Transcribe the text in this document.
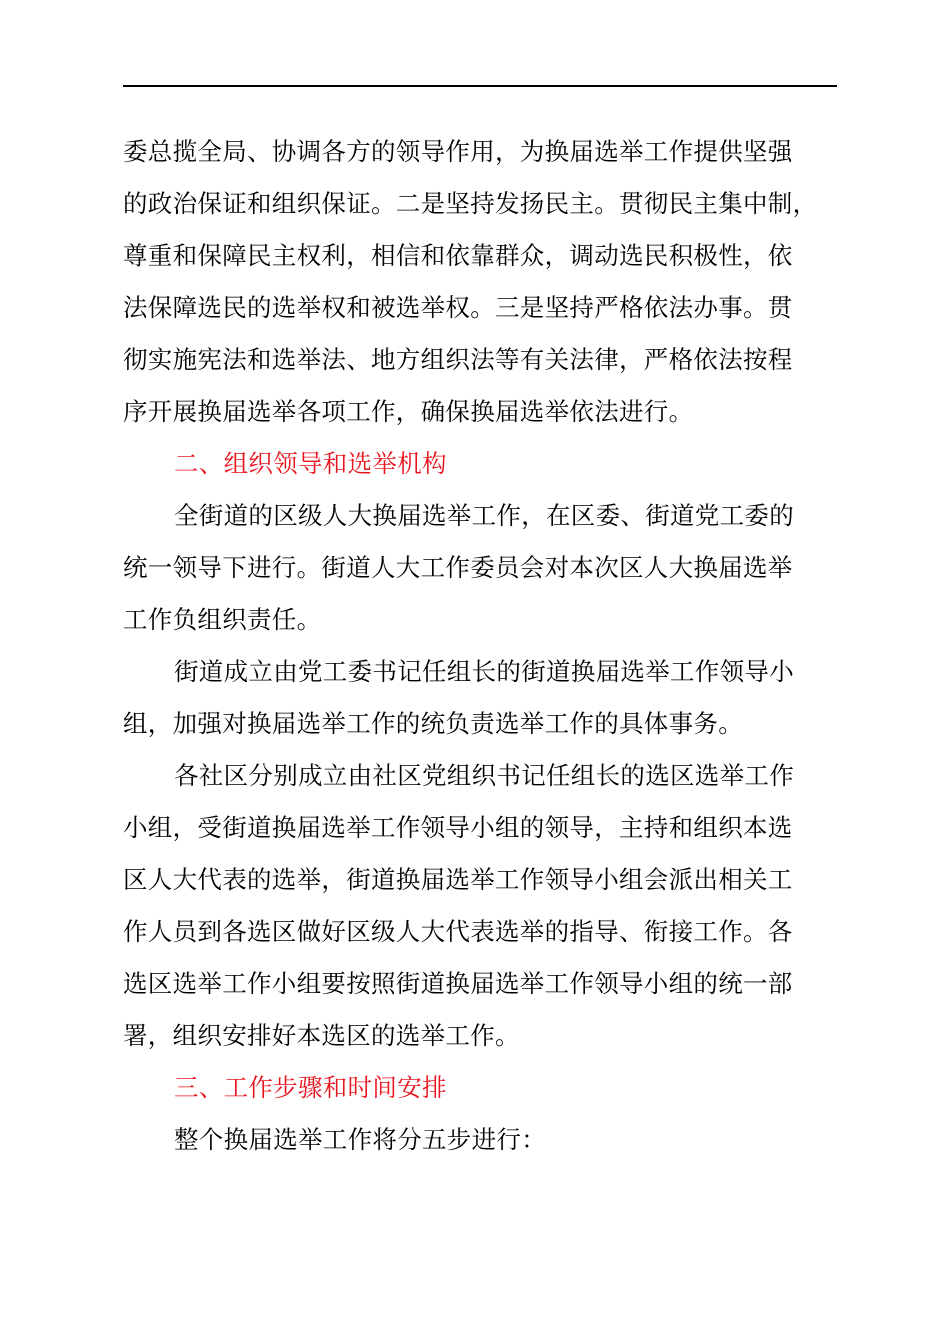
委总揽全局、协调各方的领导作用，为换届选举工作提供坚强
的政治保证和组织保证。二是坚持发扬民主。贯彻民主集中制，
尊重和保障民主权利，相信和依靠群众，调动选民积极性，依
法保障选民的选举权和被选举权。三是坚持严格依法办事。贯
彻实施宪法和选举法、地方组织法等有关法律，严格依法按程
序开展换届选举各项工作，确保换届选举依法进行。
二、组织领导和选举机构
全街道的区级人大换届选举工作，在区委、街道党工委的
统一领导下进行。街道人大工作委员会对本次区人大换届选举
工作负组织责任。
街道成立由党工委书记任组长的街道换届选举工作领导小
组，加强对换届选举工作的统负责选举工作的具体事务。
各社区分别成立由社区党组织书记任组长的选区选举工作
小组，受街道换届选举工作领导小组的领导，主持和组织本选
区人大代表的选举，街道换届选举工作领导小组会派出相关工
作人员到各选区做好区级人大代表选举的指导、衔接工作。各
选区选举工作小组要按照街道换届选举工作领导小组的统一部
署，组织安排好本选区的选举工作。
三、工作步骤和时间安排
整个换届选举工作将分五步进行：
